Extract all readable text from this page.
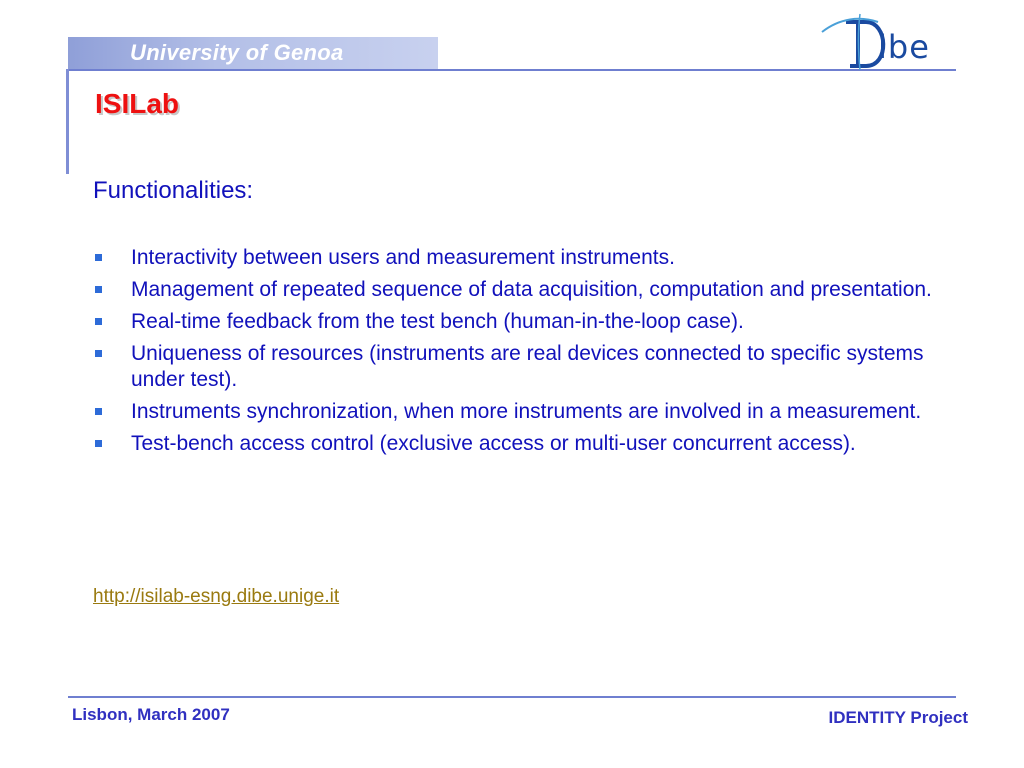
University of Genoa	ibe
ISILab
Functionalities:
Interactivity between users and measurement instruments.
Management of repeated sequence of data acquisition, computation and presentation.
Real-time feedback from the test bench (human-in-the-loop case).
Uniqueness of resources (instruments are real devices connected to specific systems under test).
Instruments synchronization, when more instruments are involved in a measurement.
Test-bench access control (exclusive access or multi-user concurrent access).
http://isilab-esng.dibe.unige.it
Lisbon, March 2007	IDENTITY Project
